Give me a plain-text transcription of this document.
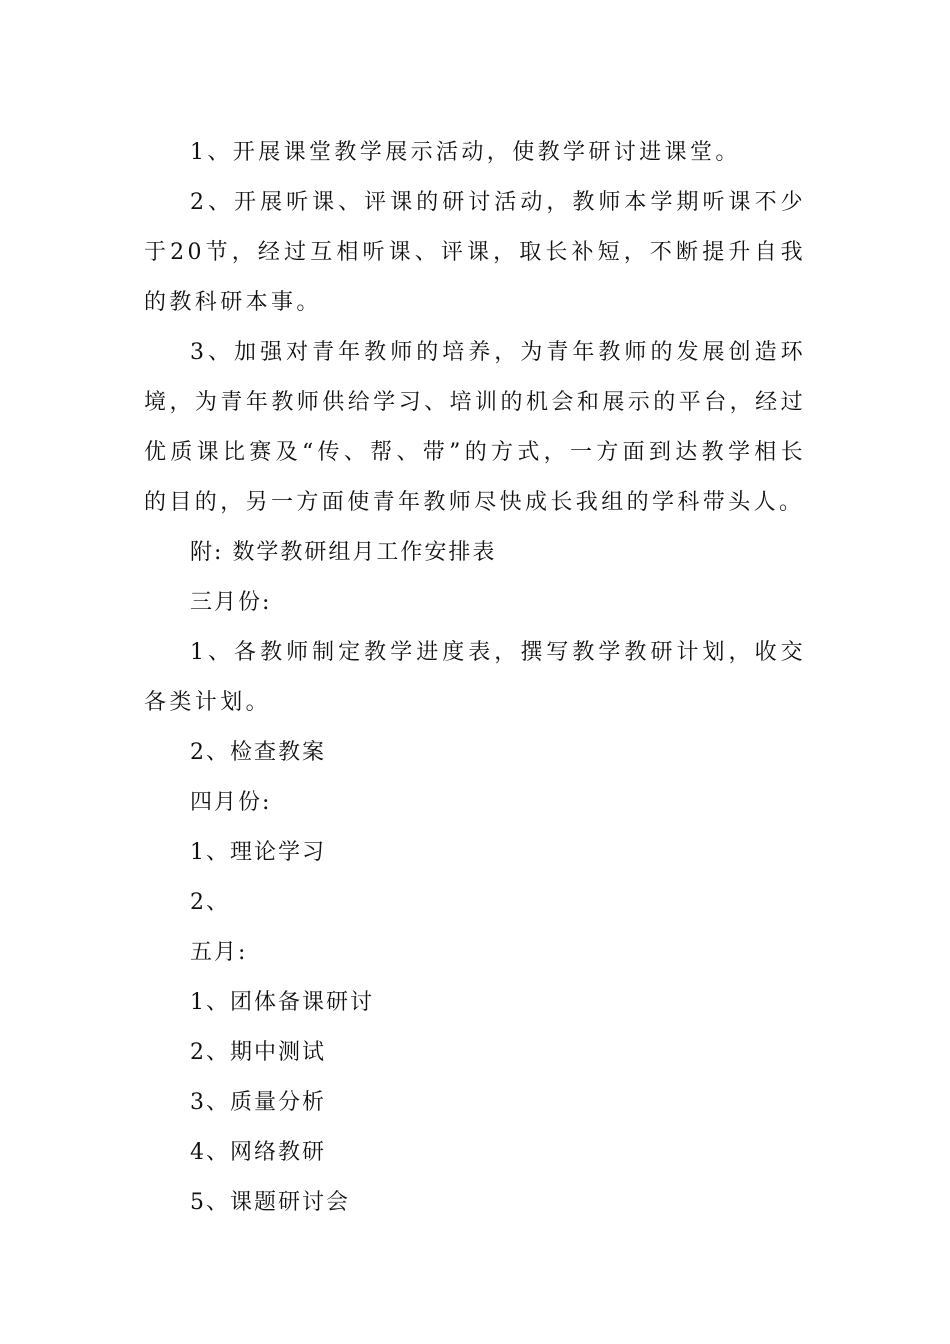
1、开展课堂教学展示活动，使教学研讨进课堂。

2、开展听课、评课的研讨活动，教师本学期听课不少于20节，经过互相听课、评课，取长补短，不断提升自我的教科研本事。

3、加强对青年教师的培养，为青年教师的发展创造环境，为青年教师供给学习、培训的机会和展示的平台，经过优质课比赛及“传、帮、带”的方式，一方面到达教学相长的目的，另一方面使青年教师尽快成长我组的学科带头人。

附: 数学教研组月工作安排表

三月份:

1、各教师制定教学进度表，撰写教学教研计划，收交各类计划。

2、检查教案

四月份:

1、理论学习

2、

五月:

1、团体备课研讨

2、期中测试

3、质量分析

4、网络教研

5、课题研讨会
